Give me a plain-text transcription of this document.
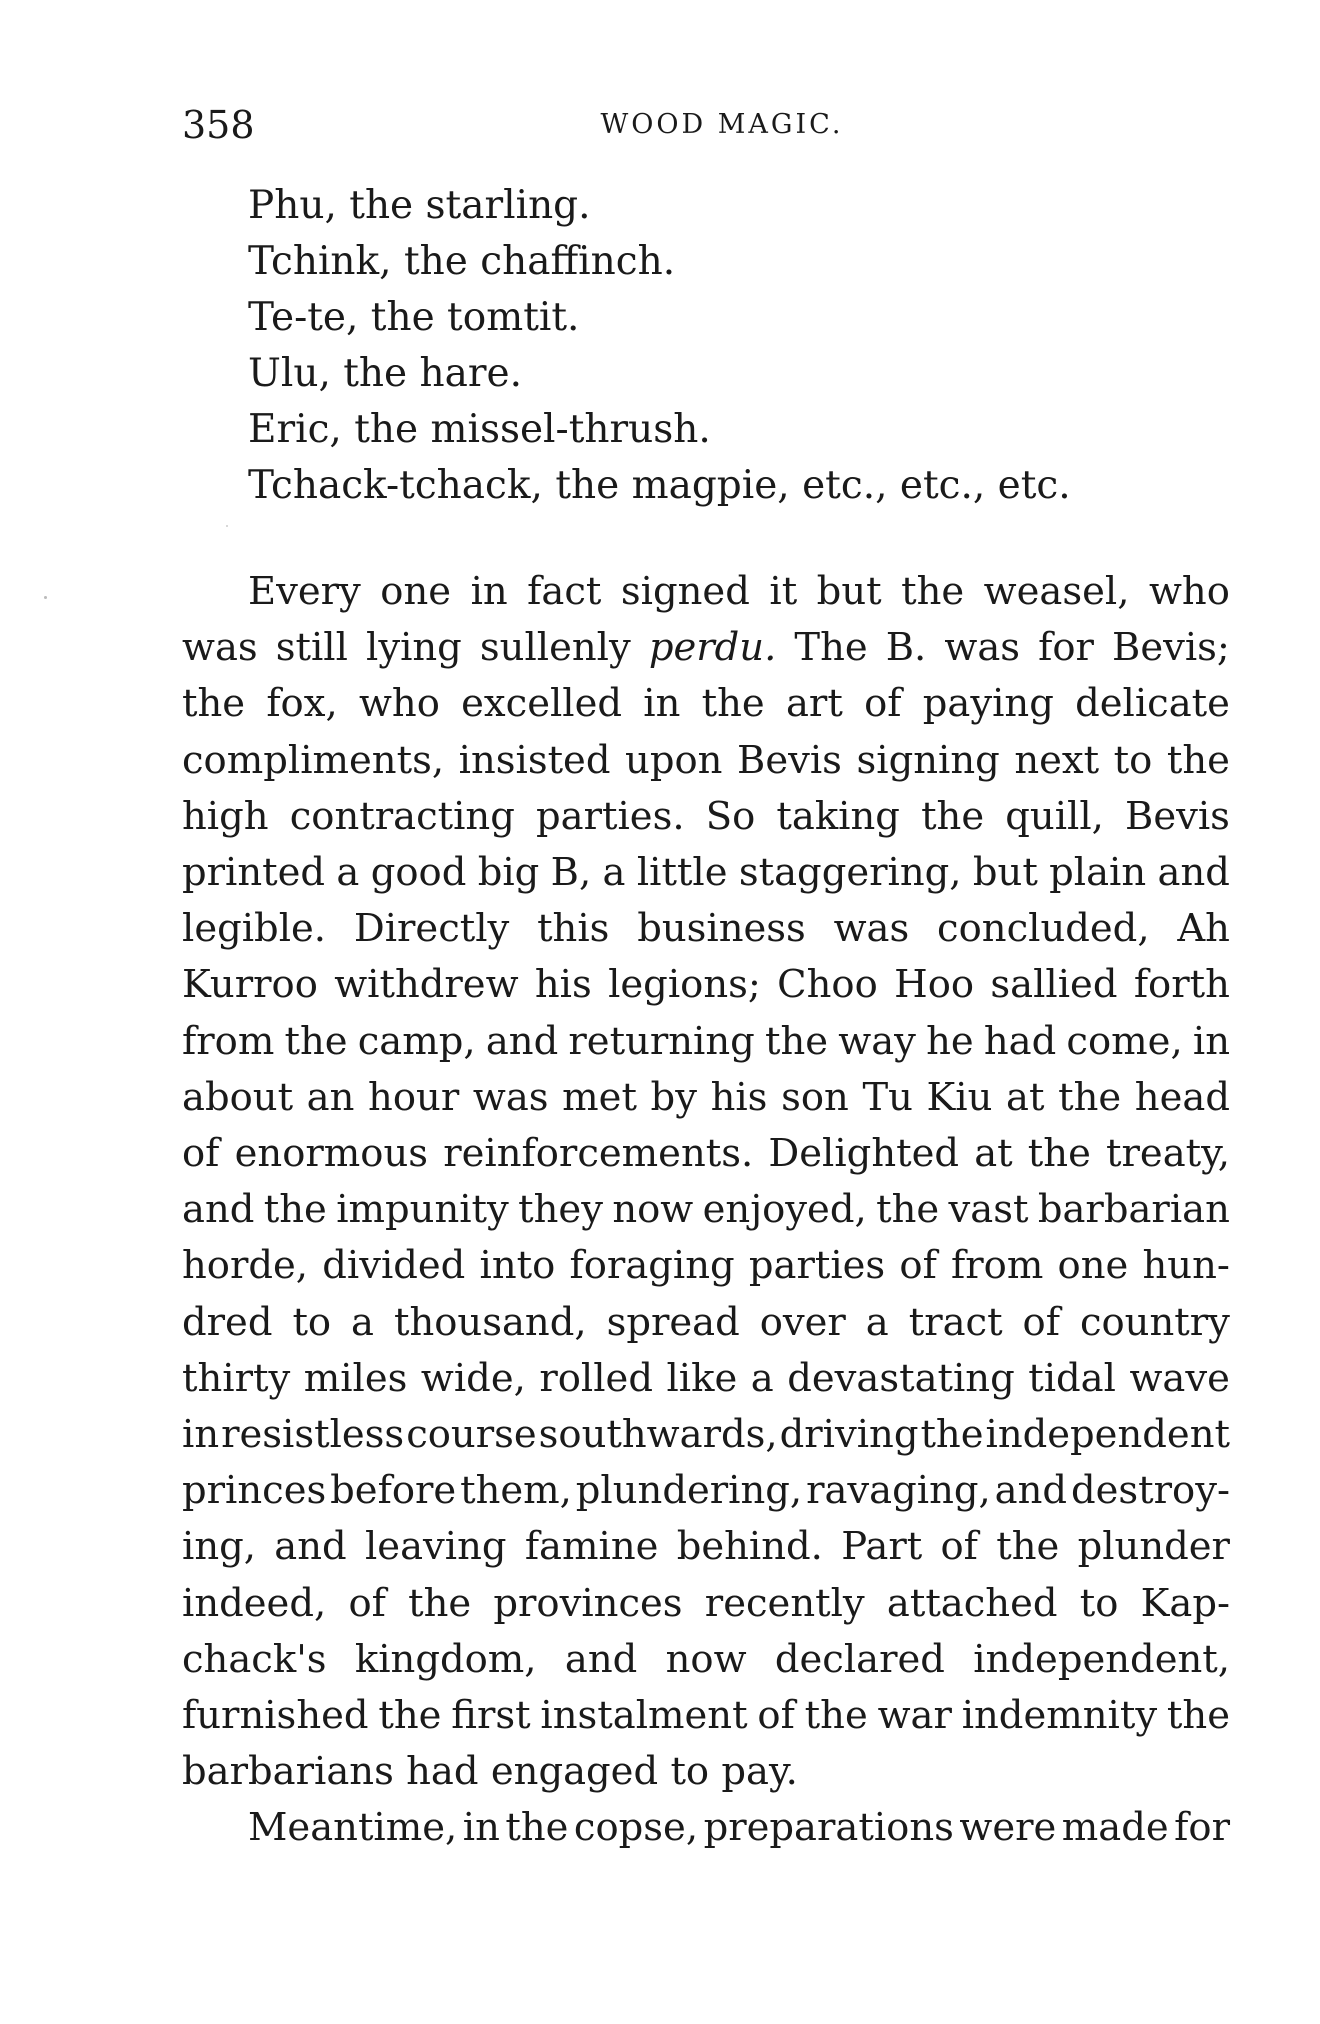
358	WOOD MAGIC.
Phu, the starling.
Tchink, the chaffinch.
Te-te, the tomtit.
Ulu, the hare.
Eric, the missel-thrush.
Tchack-tchack, the magpie, etc., etc., etc.
Every one in fact signed it but the weasel, who
was still lying sullenly perdu. The B. was for Bevis;
the fox, who excelled in the art of paying delicate
compliments, insisted upon Bevis signing next to the
high contracting parties. So taking the quill, Bevis
printed a good big B, a little staggering, but plain and
legible. Directly this business was concluded, Ah
Kurroo withdrew his legions; Choo Hoo sallied forth
from the camp, and returning the way he had come, in
about an hour was met by his son Tu Kiu at the head
of enormous reinforcements. Delighted at the treaty,
and the impunity they now enjoyed, the vast barbarian
horde, divided into foraging parties of from one hun-
dred to a thousand, spread over a tract of country
thirty miles wide, rolled like a devastating tidal wave
in resistless course southwards, driving the independent
princes before them, plundering, ravaging, and destroy-
ing, and leaving famine behind. Part of the plunder
indeed, of the provinces recently attached to Kap-
chack's kingdom, and now declared independent,
furnished the first instalment of the war indemnity the
barbarians had engaged to pay.
Meantime, in the copse, preparations were made for
